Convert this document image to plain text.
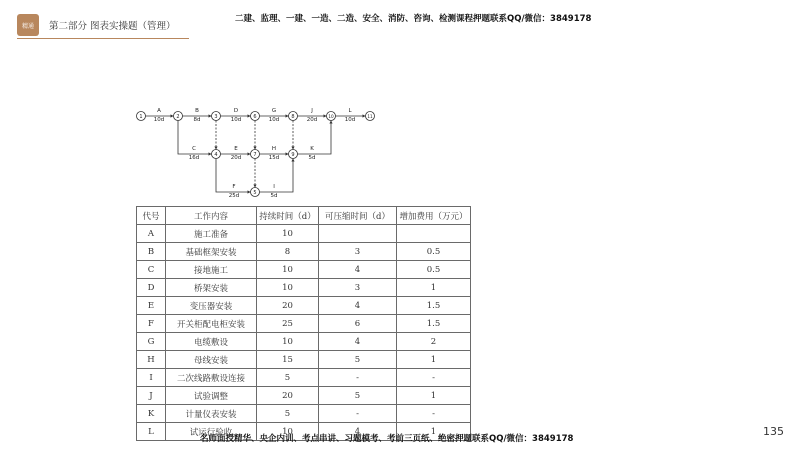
精通	第二部分 图表实操题（管理）
二建、监理、一建、一造、二造、安全、消防、咨询、检测课程押题联系QQ/微信：3849178
1	2	3
4
5
6
7
8
9
10	11
A
10d
B
8d
C
16d
D
10d
E
20d
F
25d
G
10d
H
15d
I
5d
J
20d
K
5d
L
10d
代号	工作内容	持续时间（d）	可压缩时间（d）	增加费用（万元）
A	施工准备	10		
B	基础框架安装	8	3	0.5
C	接地施工	10	4	0.5
D	桥架安装	10	3	1
E	变压器安装	20	4	1.5
F	开关柜配电柜安装	25	6	1.5
G	电缆敷设	10	4	2
H	母线安装	15	5	1
I	二次线路敷设连接	5	-	-
J	试验调整	20	5	1
K	计量仪表安装	5	-	-
L	试运行验收	10	4	1
名师面授精华、央企内训、考点串讲、习题模考、考前三页纸、绝密押题联系QQ/微信：3849178
135
